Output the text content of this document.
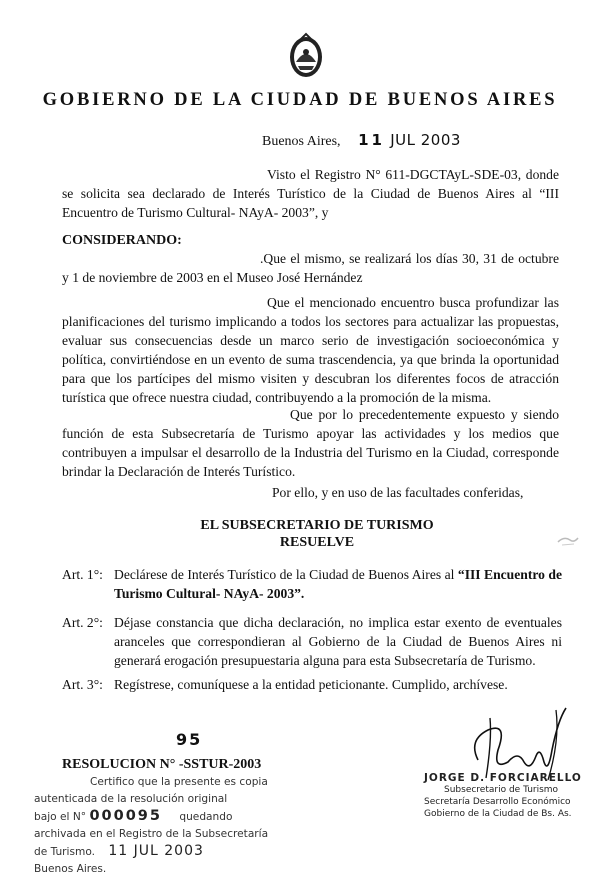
GOBIERNO DE LA CIUDAD DE BUENOS AIRES
Buenos Aires, 11 JUL 2003
Visto el Registro N° 611-DGCTAyL-SDE-03, donde se solicita sea declarado de Interés Turístico de la Ciudad de Buenos Aires al “III Encuentro de Turismo Cultural- NAyA- 2003”, y
CONSIDERANDO:
.Que el mismo, se realizará los días 30, 31 de octubre y 1 de noviembre de 2003 en el Museo José Hernández
Que el mencionado encuentro busca profundizar las planificaciones del turismo implicando a todos los sectores para actualizar las propuestas, evaluar sus consecuencias desde un marco serio de investigación socioeconómica y política, convirtiéndose en un evento de suma trascendencia, ya que brinda la oportunidad para que los partícipes del mismo visiten y descubran los diferentes focos de atracción turística que ofrece nuestra ciudad, contribuyendo a la promoción de la misma.
Que por lo precedentemente expuesto y siendo función de esta Subsecretaría de Turismo apoyar las actividades y los medios que contribuyen a impulsar el desarrollo de la Industria del Turismo en la Ciudad, corresponde brindar la Declaración de Interés Turístico.
Por ello, y en uso de las facultades conferidas,
EL SUBSECRETARIO DE TURISMO
RESUELVE
Art. 1°: Declárese de Interés Turístico de la Ciudad de Buenos Aires al “III Encuentro de Turismo Cultural- NAyA- 2003”.
Art. 2°: Déjase constancia que dicha declaración, no implica estar exento de eventuales aranceles que correspondieran al Gobierno de la Ciudad de Buenos Aires ni generará erogación presupuestaria alguna para esta Subsecretaría de Turismo.
Art. 3°: Regístrese, comuníquese a la entidad peticionante. Cumplido, archívese.
95
RESOLUCION N° -SSTUR-2003
Certifico que la presente es copia
autenticada de la resolución original
bajo el N° 000095 quedando
archivada en el Registro de la Subsecretaría
de Turismo. 11 JUL 2003
Buenos Aires.
JORGE D. FORCIARELLO
Subsecretario de Turismo
Secretaría Desarrollo Económico
Gobierno de la Ciudad de Bs. As.
